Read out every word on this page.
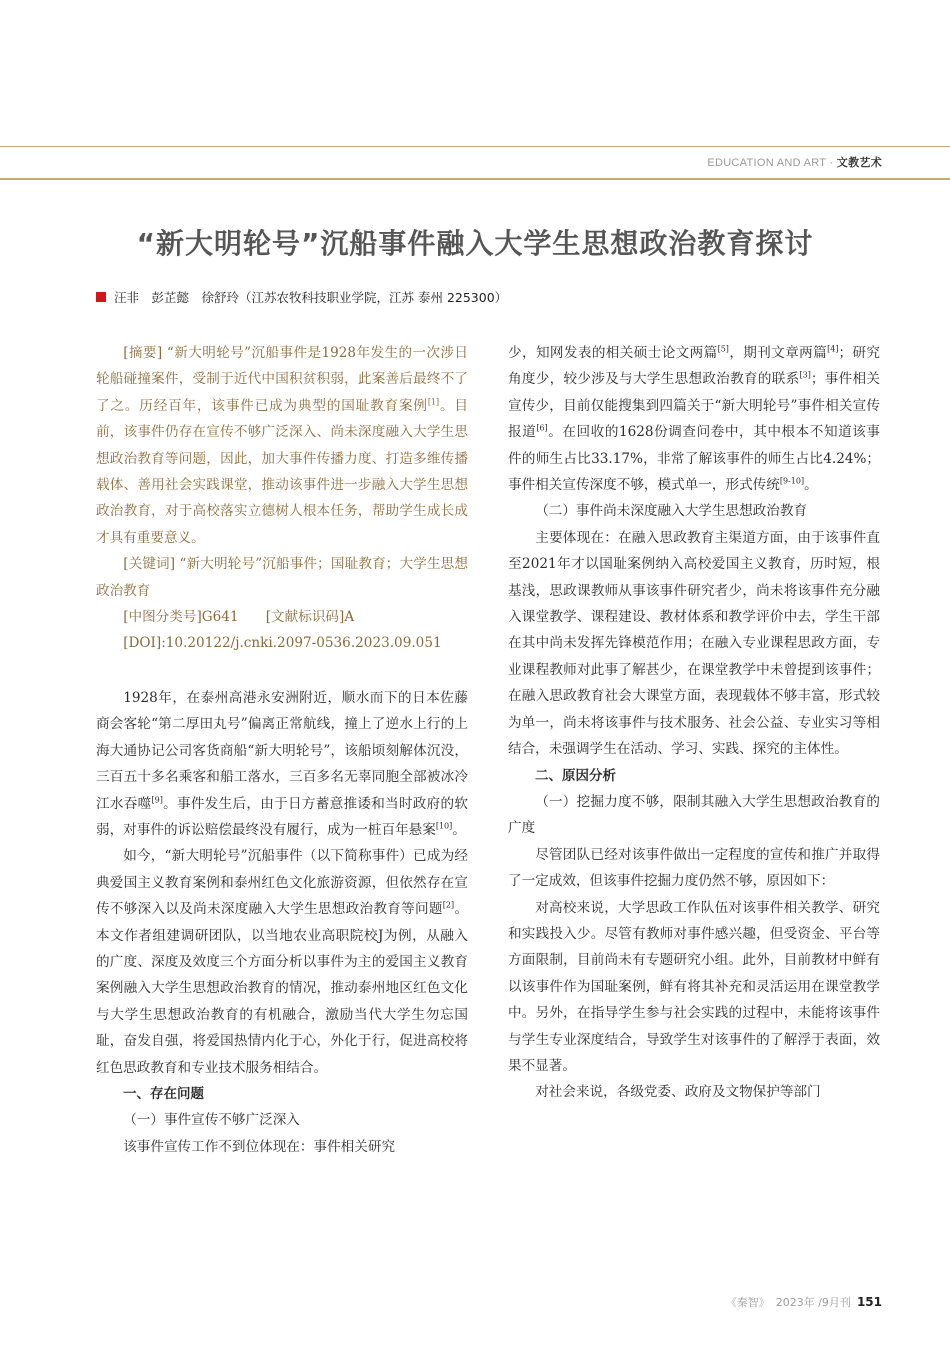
EDUCATION AND ART · 文教艺术
“新大明轮号”沉船事件融入大学生思想政治教育探讨
汪非　彭芷懿　徐舒玲（江苏农牧科技职业学院，江苏 泰州 225300）

[摘要] “新大明轮号”沉船事件是1928年发生的一次涉日轮船碰撞案件，受制于近代中国积贫积弱，此案善后最终不了了之。历经百年，该事件已成为典型的国耻教育案例[1]。目前，该事件仍存在宣传不够广泛深入、尚未深度融入大学生思想政治教育等问题，因此，加大事件传播力度、打造多维传播载体、善用社会实践课堂，推动该事件进一步融入大学生思想政治教育，对于高校落实立德树人根本任务，帮助学生成长成才具有重要意义。

[关键词] “新大明轮号”沉船事件；国耻教育；大学生思想政治教育

[中图分类号]G641　　[文献标识码]A

[DOI]:10.20122/j.cnki.2097-0536.2023.09.051

1928年，在泰州高港永安洲附近，顺水而下的日本佐藤商会客轮“第二厚田丸号”偏离正常航线，撞上了逆水上行的上海大通协记公司客货商船“新大明轮号”，该船顷刻解体沉没，三百五十多名乘客和船工落水，三百多名无辜同胞全部被冰冷江水吞噬[9]。事件发生后，由于日方蓄意推诿和当时政府的软弱，对事件的诉讼赔偿最终没有履行，成为一桩百年悬案[10]。

如今，“新大明轮号”沉船事件（以下简称事件）已成为经典爱国主义教育案例和泰州红色文化旅游资源，但依然存在宣传不够深入以及尚未深度融入大学生思想政治教育等问题[2]。本文作者组建调研团队，以当地农业高职院校J为例，从融入的广度、深度及效度三个方面分析以事件为主的爱国主义教育案例融入大学生思想政治教育的情况，推动泰州地区红色文化与大学生思想政治教育的有机融合，激励当代大学生勿忘国耻，奋发自强，将爱国热情内化于心，外化于行，促进高校将红色思政教育和专业技术服务相结合。

一、存在问题

（一）事件宣传不够广泛深入

该事件宣传工作不到位体现在：事件相关研究

少，知网发表的相关硕士论文两篇[5]，期刊文章两篇[4]；研究角度少，较少涉及与大学生思想政治教育的联系[3]；事件相关宣传少，目前仅能搜集到四篇关于“新大明轮号”事件相关宣传报道[6]。在回收的1628份调查问卷中，其中根本不知道该事件的师生占比33.17%，非常了解该事件的师生占比4.24%；事件相关宣传深度不够，模式单一，形式传统[9-10]。

（二）事件尚未深度融入大学生思想政治教育

主要体现在：在融入思政教育主渠道方面，由于该事件直至2021年才以国耻案例纳入高校爱国主义教育，历时短，根基浅，思政课教师从事该事件研究者少，尚未将该事件充分融入课堂教学、课程建设、教材体系和教学评价中去，学生干部在其中尚未发挥先锋模范作用；在融入专业课程思政方面，专业课程教师对此事了解甚少，在课堂教学中未曾提到该事件；在融入思政教育社会大课堂方面，表现载体不够丰富，形式较为单一，尚未将该事件与技术服务、社会公益、专业实习等相结合，未强调学生在活动、学习、实践、探究的主体性。

二、原因分析

（一）挖掘力度不够，限制其融入大学生思想政治教育的广度

尽管团队已经对该事件做出一定程度的宣传和推广并取得了一定成效，但该事件挖掘力度仍然不够，原因如下：

对高校来说，大学思政工作队伍对该事件相关教学、研究和实践投入少。尽管有教师对事件感兴趣，但受资金、平台等方面限制，目前尚未有专题研究小组。此外，目前教材中鲜有以该事件作为国耻案例，鲜有将其补充和灵活运用在课堂教学中。另外，在指导学生参与社会实践的过程中，未能将该事件与学生专业深度结合，导致学生对该事件的了解浮于表面，效果不显著。

对社会来说，各级党委、政府及文物保护等部门

《秦智》 2023年 /9月刊 151
